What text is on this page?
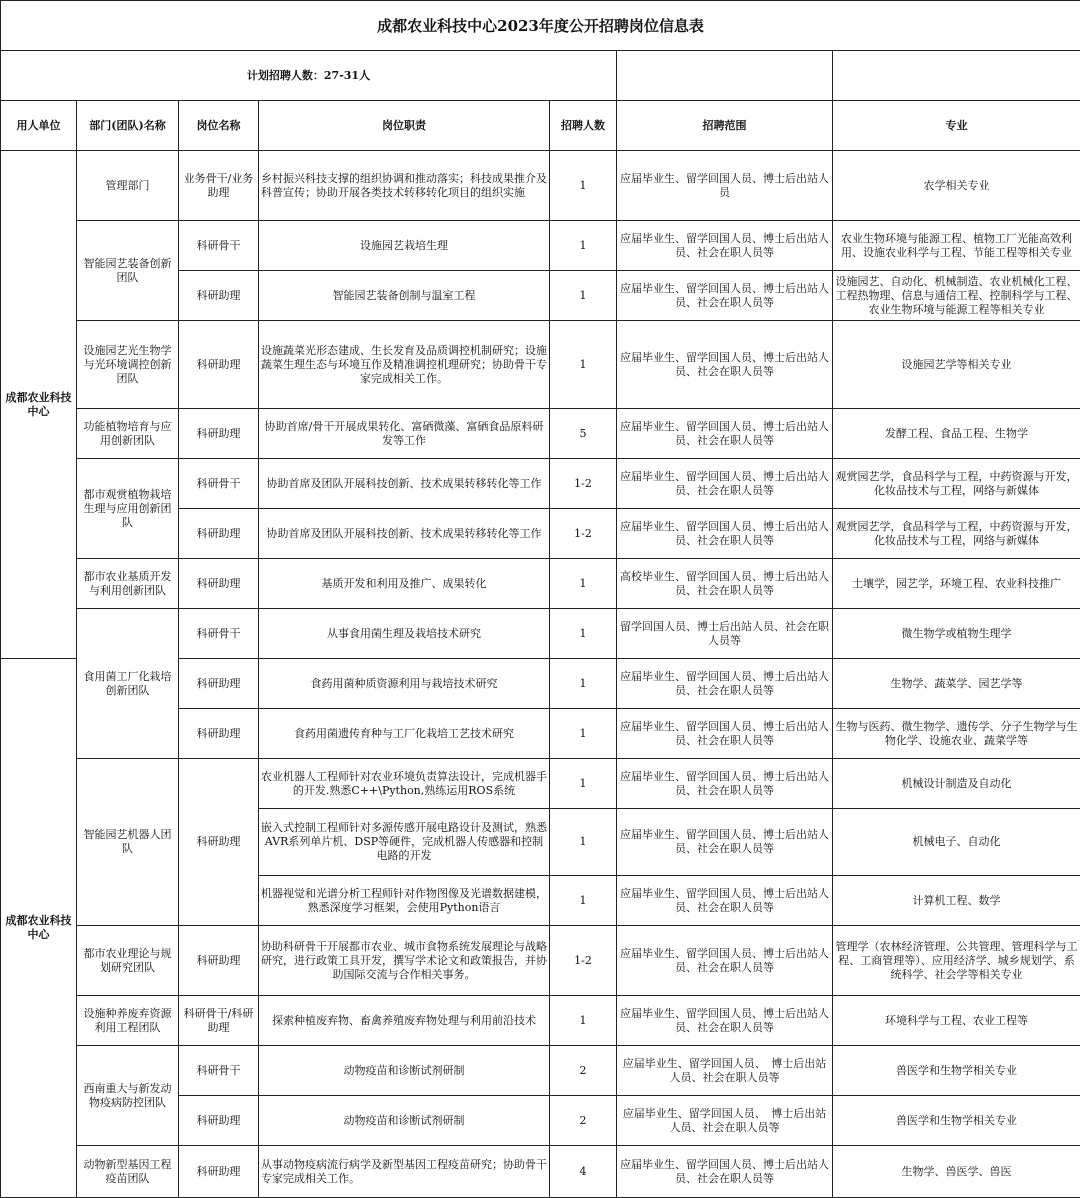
成都农业科技中心2023年度公开招聘岗位信息表						
计划招聘人数：27-31人						
用人单位	部门(团队)名称	岗位名称	岗位职责	招聘人数	招聘范围	专业
成都农业科技中心	管理部门	业务骨干/业务助理	乡村振兴科技支撑的组织协调和推动落实；科技成果推介及科普宣传；协助开展各类技术转移转化项目的组织实施	1	应届毕业生、留学回国人员、博士后出站人员	农学相关专业
	智能园艺装备创新团队	科研骨干	设施园艺栽培生理	1	应届毕业生、留学回国人员、博士后出站人员、社会在职人员等	农业生物环境与能源工程、植物工厂光能高效利用、设施农业科学与工程、节能工程等相关专业
		科研助理	智能园艺装备创制与温室工程	1	应届毕业生、留学回国人员、博士后出站人员、社会在职人员等	设施园艺、自动化、机械制造、农业机械化工程、工程热物理、信息与通信工程、控制科学与工程、农业生物环境与能源工程等相关专业
	设施园艺光生物学与光环境调控创新团队	科研助理	设施蔬菜光形态建成、生长发育及品质调控机制研究；设施蔬菜生理生态与环境互作及精准调控机理研究；协助骨干专家完成相关工作。	1	应届毕业生、留学回国人员、博士后出站人员、社会在职人员等	设施园艺学等相关专业
	功能植物培育与应用创新团队	科研助理	协助首席/骨干开展成果转化、富硒微藻、富硒食品原料研发等工作	5	应届毕业生、留学回国人员、博士后出站人员、社会在职人员等	发酵工程、食品工程、生物学
	都市观赏植物栽培生理与应用创新团队	科研骨干	协助首席及团队开展科技创新、技术成果转移转化等工作	1-2	应届毕业生、留学回国人员、博士后出站人员、社会在职人员等	观赏园艺学，食品科学与工程，中药资源与开发，化妆品技术与工程，网络与新媒体
		科研助理	协助首席及团队开展科技创新、技术成果转移转化等工作	1-2	应届毕业生、留学回国人员、博士后出站人员、社会在职人员等	观赏园艺学，食品科学与工程，中药资源与开发，化妆品技术与工程，网络与新媒体
	都市农业基质开发与利用创新团队	科研助理	基质开发和利用及推广、成果转化	1	高校毕业生、留学回国人员、博士后出站人员、社会在职人员等	土壤学，园艺学，环境工程、农业科技推广
	食用菌工厂化栽培创新团队	科研骨干	从事食用菌生理及栽培技术研究	1	留学回国人员、博士后出站人员、社会在职人员等	微生物学或植物生理学
成都农业科技中心		科研助理	食药用菌种质资源利用与栽培技术研究	1	应届毕业生、留学回国人员、博士后出站人员、社会在职人员等	生物学、蔬菜学、园艺学等
		科研助理	食药用菌遗传育种与工厂化栽培工艺技术研究	1	应届毕业生、留学回国人员、博士后出站人员、社会在职人员等	生物与医药、微生物学、遗传学、分子生物学与生物化学、设施农业、蔬菜学等
	智能园艺机器人团队	科研助理	农业机器人工程师针对农业环境负责算法设计，完成机器手的开发.熟悉C++\Python,熟练运用ROS系统	1	应届毕业生、留学回国人员、博士后出站人员、社会在职人员等	机械设计制造及自动化
			嵌入式控制工程师针对多源传感开展电路设计及测试，熟悉AVR系列单片机、DSP等硬件，完成机器人传感器和控制电路的开发	1	应届毕业生、留学回国人员、博士后出站人员、社会在职人员等	机械电子、自动化
			机器视觉和光谱分析工程师针对作物图像及光谱数据建模，熟悉深度学习框架，会使用Python语言	1	应届毕业生、留学回国人员、博士后出站人员、社会在职人员等	计算机工程、数学
	都市农业理论与规划研究团队	科研助理	协助科研骨干开展都市农业、城市食物系统发展理论与战略研究，进行政策工具开发，撰写学术论文和政策报告，并协助国际交流与合作相关事务。	1-2	应届毕业生、留学回国人员、博士后出站人员、社会在职人员等	管理学（农林经济管理、公共管理、管理科学与工程、工商管理等）、应用经济学、城乡规划学、系统科学、社会学等相关专业
	设施种养废弃资源利用工程团队	科研骨干/科研助理	探索种植废弃物、畜禽养殖废弃物处理与利用前沿技术	1	应届毕业生、留学回国人员、博士后出站人员、社会在职人员等	环境科学与工程、农业工程等
	西南重大与新发动物疫病防控团队	科研骨干	动物疫苗和诊断试剂研制	2	应届毕业生、留学回国人员、　博士后出站人员、社会在职人员等	兽医学和生物学相关专业
		科研助理	动物疫苗和诊断试剂研制	2	应届毕业生、留学回国人员、　博士后出站人员、社会在职人员等	兽医学和生物学相关专业
	动物新型基因工程疫苗团队	科研助理	从事动物疫病流行病学及新型基因工程疫苗研究；协助骨干专家完成相关工作。	4	应届毕业生、留学回国人员、博士后出站人员、社会在职人员等	生物学、兽医学、兽医
